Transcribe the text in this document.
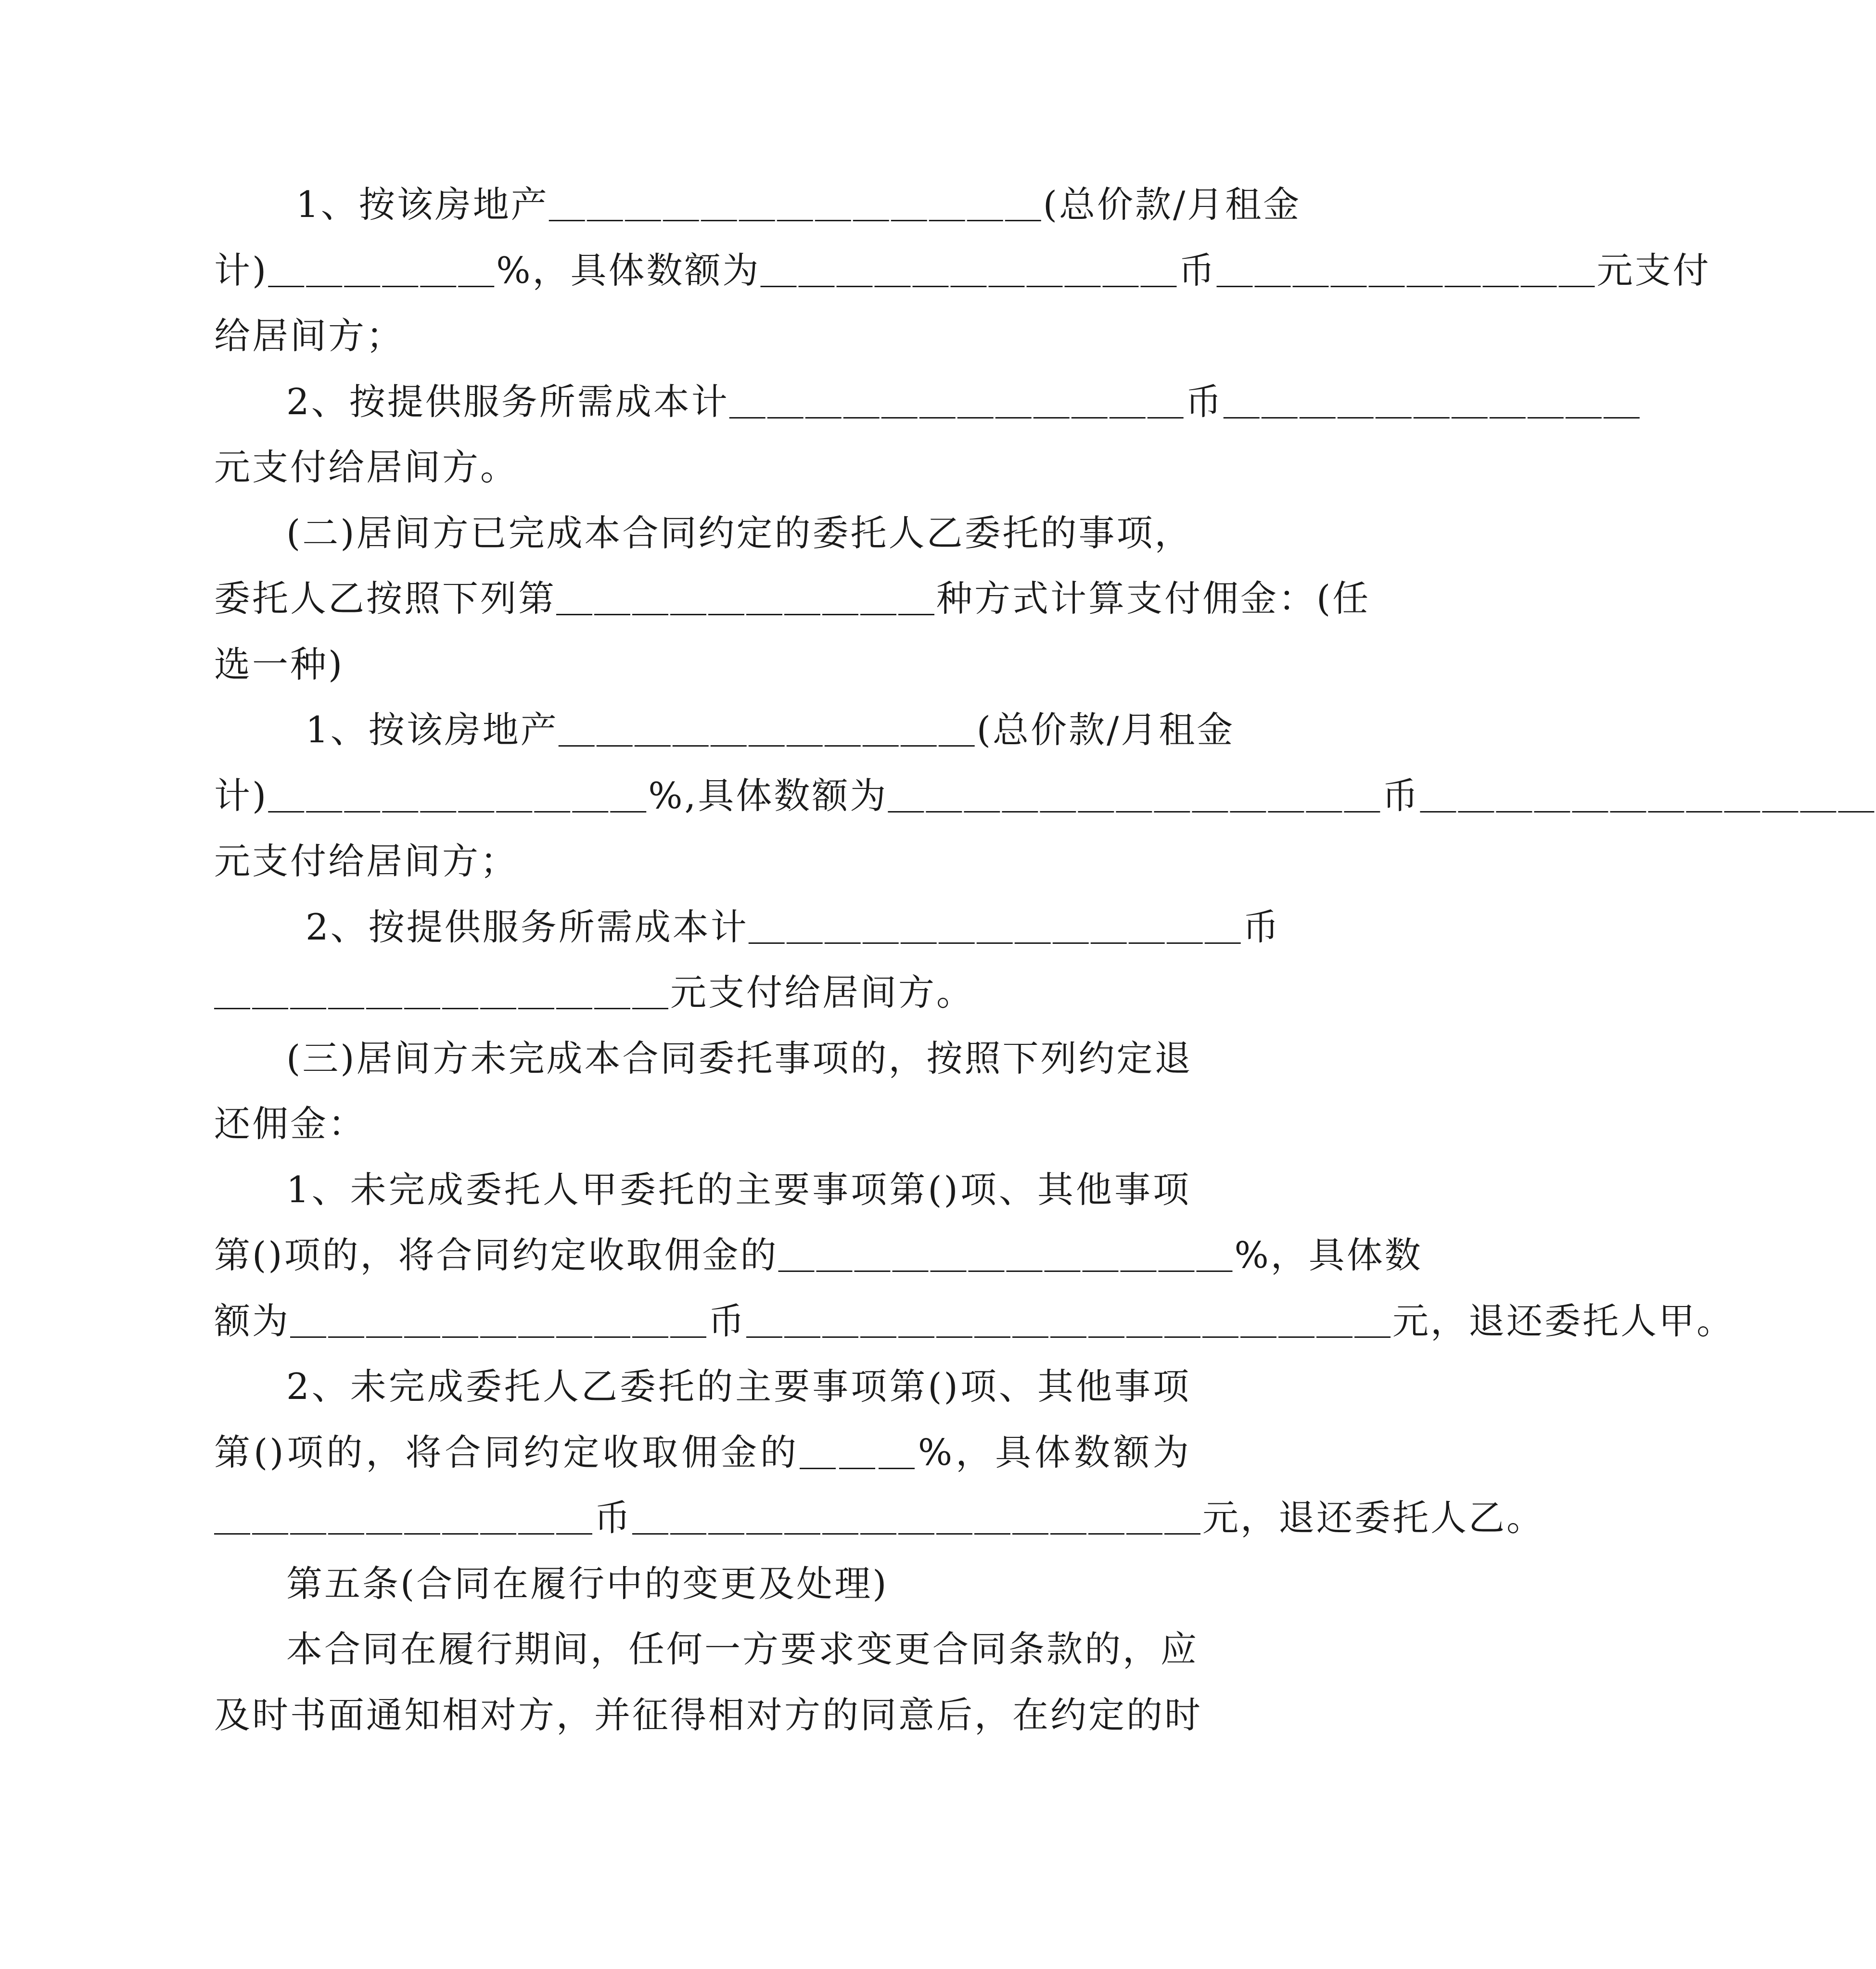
1、按该房地产＿＿＿＿＿＿＿＿＿＿＿＿＿(总价款/月租金
计)＿＿＿＿＿＿%，具体数额为＿＿＿＿＿＿＿＿＿＿＿币＿＿＿＿＿＿＿＿＿＿元支付
给居间方；
2、按提供服务所需成本计＿＿＿＿＿＿＿＿＿＿＿＿币＿＿＿＿＿＿＿＿＿＿＿
元支付给居间方。
(二)居间方已完成本合同约定的委托人乙委托的事项，
委托人乙按照下列第＿＿＿＿＿＿＿＿＿＿种方式计算支付佣金：(任
选一种)
1、按该房地产＿＿＿＿＿＿＿＿＿＿＿(总价款/月租金
计)＿＿＿＿＿＿＿＿＿＿%,具体数额为＿＿＿＿＿＿＿＿＿＿＿＿＿币＿＿＿＿＿＿＿＿＿＿＿＿
元支付给居间方；
2、按提供服务所需成本计＿＿＿＿＿＿＿＿＿＿＿＿＿币
＿＿＿＿＿＿＿＿＿＿＿＿元支付给居间方。
(三)居间方未完成本合同委托事项的，按照下列约定退
还佣金：
1、未完成委托人甲委托的主要事项第()项、其他事项
第()项的，将合同约定收取佣金的＿＿＿＿＿＿＿＿＿＿＿＿%，具体数
额为＿＿＿＿＿＿＿＿＿＿＿币＿＿＿＿＿＿＿＿＿＿＿＿＿＿＿＿＿元，退还委托人甲。
2、未完成委托人乙委托的主要事项第()项、其他事项
第()项的，将合同约定收取佣金的＿＿＿%，具体数额为
＿＿＿＿＿＿＿＿＿＿币＿＿＿＿＿＿＿＿＿＿＿＿＿＿＿元，退还委托人乙。
第五条(合同在履行中的变更及处理)
本合同在履行期间，任何一方要求变更合同条款的，应
及时书面通知相对方，并征得相对方的同意后，在约定的时
